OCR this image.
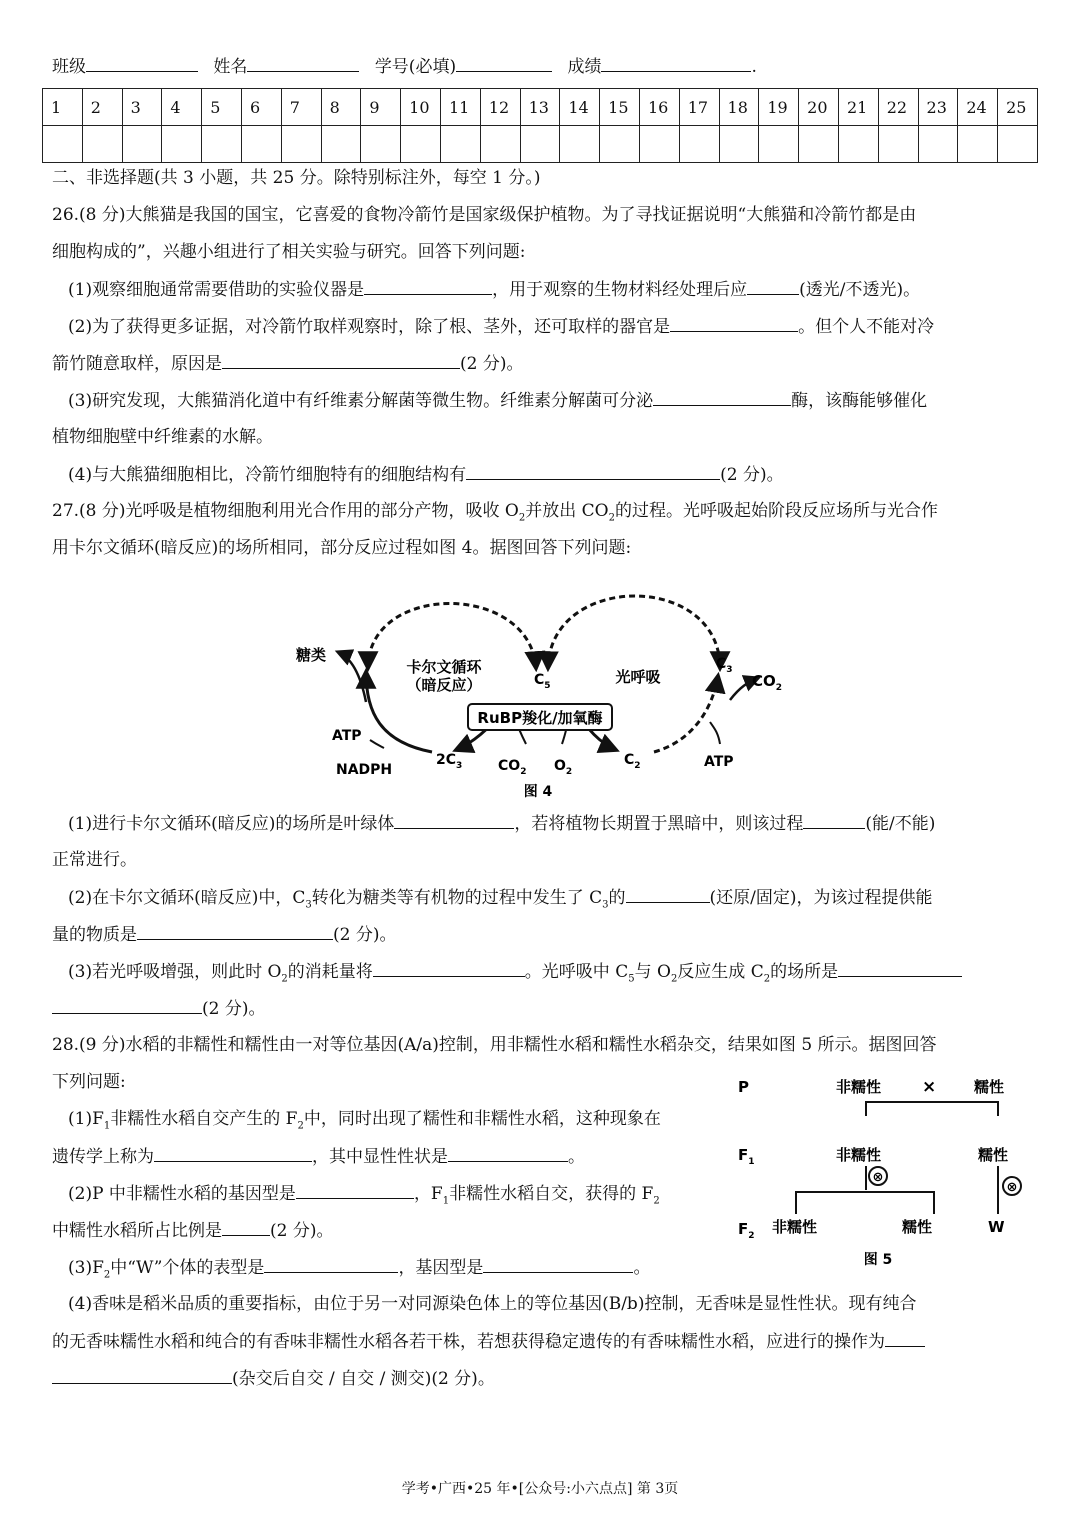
班级	姓名	学号(必填)	成绩	.
1	2	3	4	5	6	7	8	9	10	11	12	13	14	15	16	17	18	19	20	21	22	23	24	25

二、非选择题(共 3 小题，共 25 分。除特别标注外，每空 1 分。)
26.(8 分)大熊猫是我国的国宝，它喜爱的食物冷箭竹是国家级保护植物。为了寻找证据说明“大熊猫和冷箭竹都是由
细胞构成的”，兴趣小组进行了相关实验与研究。回答下列问题:
(1)观察细胞通常需要借助的实验仪器是	，用于观察的生物材料经处理后应	(透光/不透光)。
(2)为了获得更多证据，对冷箭竹取样观察时，除了根、茎外，还可取样的器官是	。但个人不能对冷
箭竹随意取样，原因是	(2 分)。
(3)研究发现，大熊猫消化道中有纤维素分解菌等微生物。纤维素分解菌可分泌	酶，该酶能够催化
植物细胞壁中纤维素的水解。
(4)与大熊猫细胞相比，冷箭竹细胞特有的细胞结构有	(2 分)。
27.(8 分)光呼吸是植物细胞利用光合作用的部分产物，吸收 $O_2$并放出 $CO_2$的过程。光呼吸起始阶段反应场所与光合作
用卡尔文循环(暗反应)的场所相同，部分反应过程如图 4。据图回答下列问题:
RuBP羧化/加氧酶
糖类
卡尔文循环
（暗反应）	$C_5$	光呼吸
$C_3$
$CO_2$
ATP
NADPH
$2C_3$	$CO_2$ $O_2$
$C_2$	ATP
图 4
(1)进行卡尔文循环(暗反应)的场所是叶绿体	，若将植物长期置于黑暗中，则该过程	(能/不能)
正常进行。
(2)在卡尔文循环(暗反应)中，$C_3$转化为糖类等有机物的过程中发生了 $C_3$的	(还原/固定)，为该过程提供能
量的物质是	(2 分)。
(3)若光呼吸增强，则此时 $O_2$的消耗量将	。光呼吸中 $C_5$与 $O_2$反应生成 $C_2$的场所是
(2 分)。
28.(9 分)水稻的非糯性和糯性由一对等位基因(A/a)控制，用非糯性水稻和糯性水稻杂交，结果如图 5 所示。据图回答
下列问题:
$(1)F_1$非糯性水稻自交产生的 $F_2$中，同时出现了糯性和非糯性水稻，这种现象在
遗传学上称为	，其中显性性状是	。
(2)P 中非糯性水稻的基因型是	，$F_1$非糯性水稻自交，获得的 $F_2$
中糯性水稻所占比例是	(2 分)。
$(3)F_2$中“W”个体的表型是	，基因型是	。
(4)香味是稻米品质的重要指标，由位于另一对同源染色体上的等位基因(B/b)控制，无香味是显性性状。现有纯合
的无香味糯性水稻和纯合的有香味非糯性水稻各若干株，若想获得稳定遗传的有香味糯性水稻，应进行的操作为
(杂交后自交 / 自交 / 测交)(2 分)。
P	非糯性 ×	糯性
$F_1$	非糯性	糯性
⊗
⊗
$F_2$ 非糯性	糯性	W
图 5
学考•广西•25 年•[公众号:小六点点] 第 3页
